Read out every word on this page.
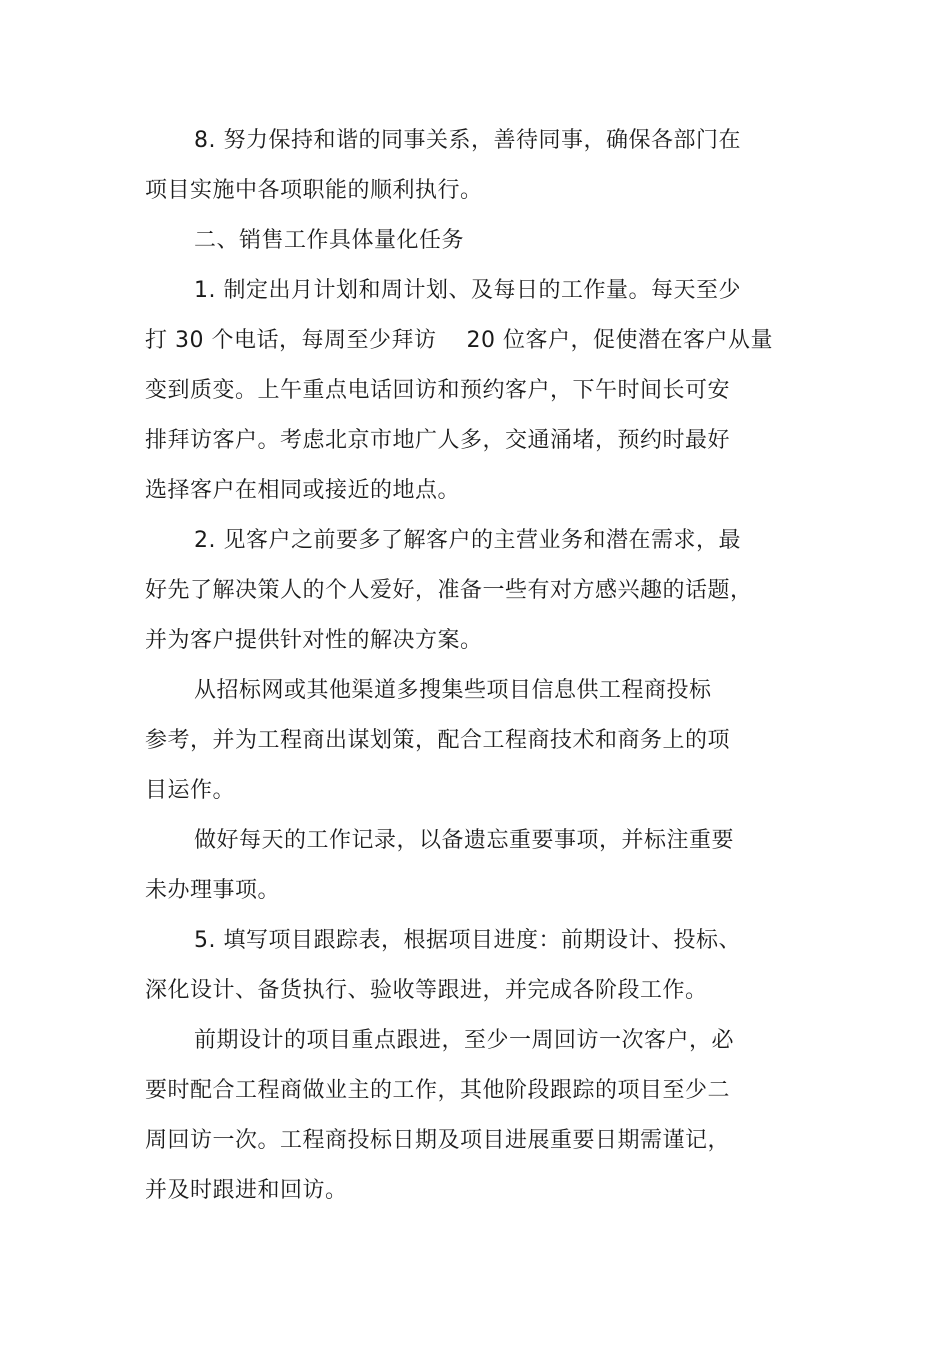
8. 努力保持和谐的同事关系，善待同事，确保各部门在
项目实施中各项职能的顺利执行。
二、销售工作具体量化任务
1. 制定出月计划和周计划、及每日的工作量。每天至少
打 30 个电话，每周至少拜访　 20 位客户，促使潜在客户从量
变到质变。上午重点电话回访和预约客户，下午时间长可安
排拜访客户。考虑北京市地广人多，交通涌堵，预约时最好
选择客户在相同或接近的地点。
2. 见客户之前要多了解客户的主营业务和潜在需求，最
好先了解决策人的个人爱好，准备一些有对方感兴趣的话题，
并为客户提供针对性的解决方案。
从招标网或其他渠道多搜集些项目信息供工程商投标
参考，并为工程商出谋划策，配合工程商技术和商务上的项
目运作。
做好每天的工作记录，以备遗忘重要事项，并标注重要
未办理事项。
5. 填写项目跟踪表，根据项目进度：前期设计、投标、
深化设计、备货执行、验收等跟进，并完成各阶段工作。
前期设计的项目重点跟进，至少一周回访一次客户，必
要时配合工程商做业主的工作，其他阶段跟踪的项目至少二
周回访一次。工程商投标日期及项目进展重要日期需谨记，
并及时跟进和回访。
